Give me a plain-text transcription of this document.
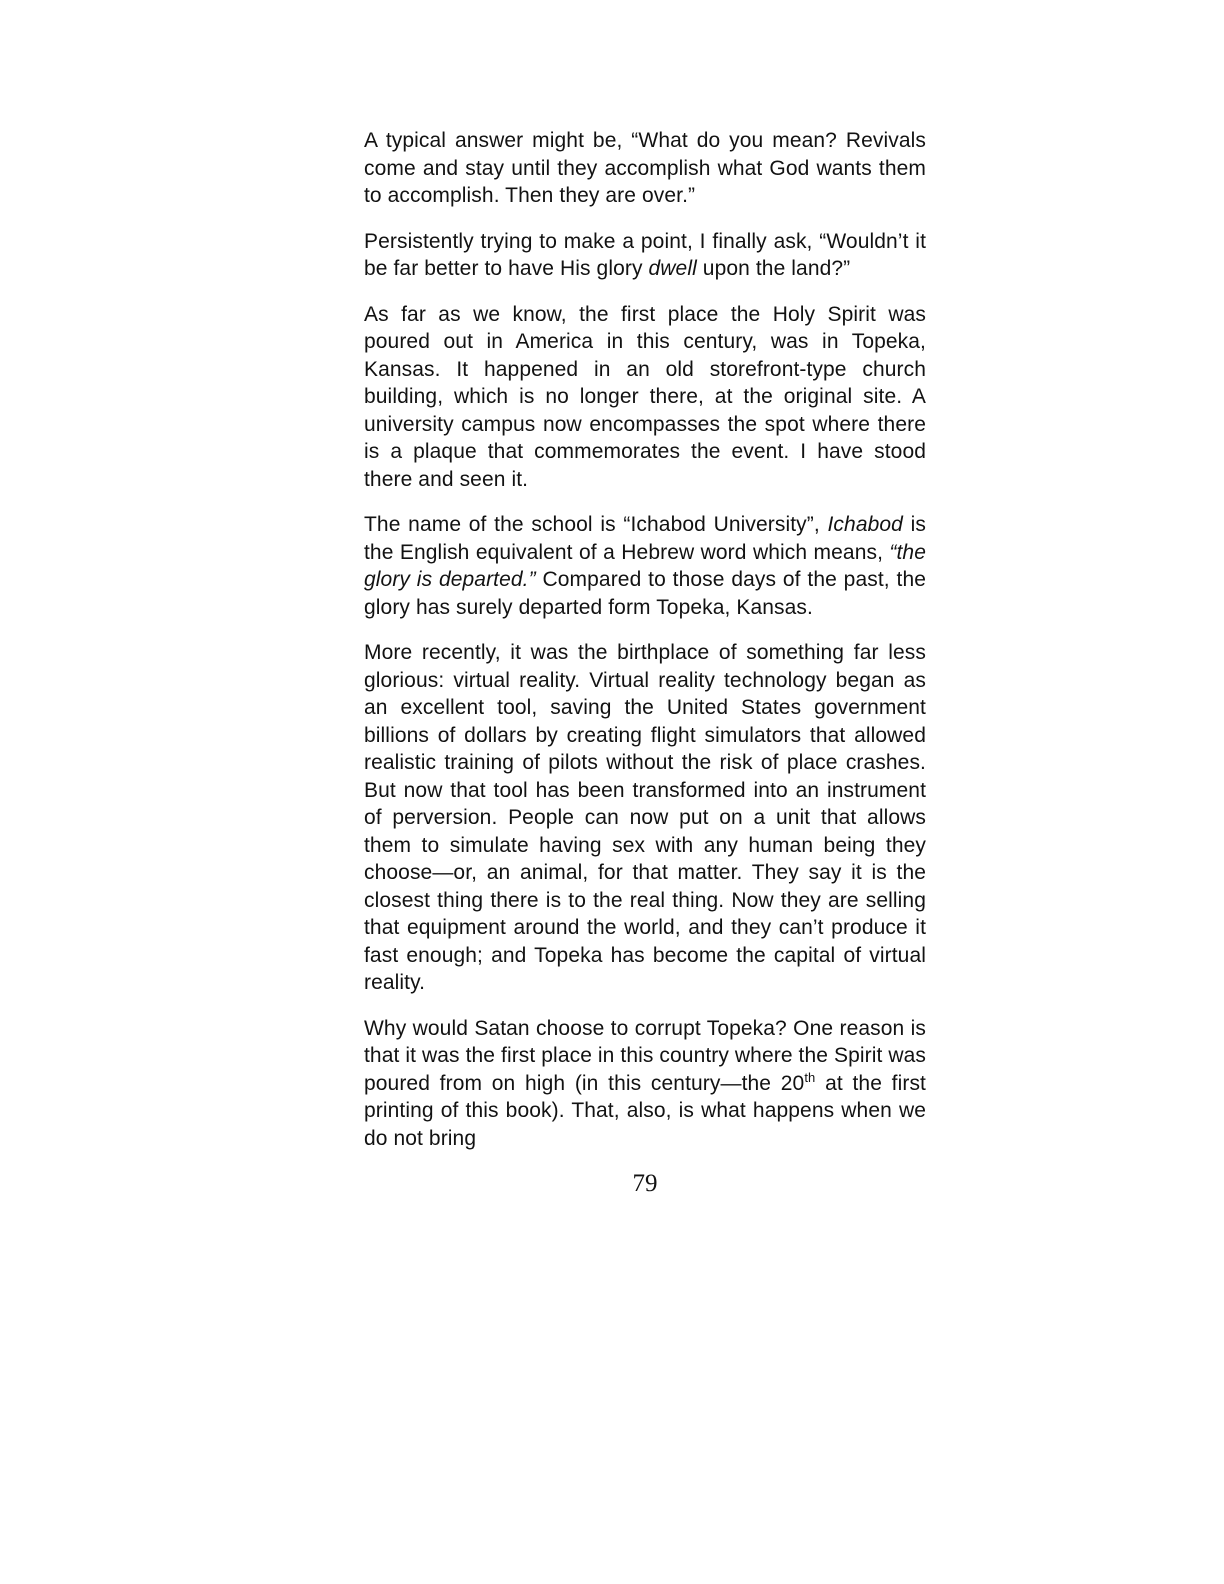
A typical answer might be, “What do you mean? Revivals come and stay until they accomplish what God wants them to accomplish. Then they are over.”

Persistently trying to make a point, I finally ask, “Wouldn’t it be far better to have His glory dwell upon the land?”

As far as we know, the first place the Holy Spirit was poured out in America in this century, was in Topeka, Kansas. It happened in an old storefront-type church building, which is no longer there, at the original site. A university campus now encompasses the spot where there is a plaque that commemorates the event. I have stood there and seen it.

The name of the school is “Ichabod University”, Ichabod is the English equivalent of a Hebrew word which means, “the glory is departed.” Compared to those days of the past, the glory has surely departed form Topeka, Kansas.

More recently, it was the birthplace of something far less glorious: virtual reality. Virtual reality technology began as an excellent tool, saving the United States government billions of dollars by creating flight simulators that allowed realistic training of pilots without the risk of place crashes. But now that tool has been transformed into an instrument of perversion. People can now put on a unit that allows them to simulate having sex with any human being they choose—or, an animal, for that matter. They say it is the closest thing there is to the real thing. Now they are selling that equipment around the world, and they can’t produce it fast enough; and Topeka has become the capital of virtual reality.

Why would Satan choose to corrupt Topeka? One reason is that it was the first place in this country where the Spirit was poured from on high (in this century—the 20th at the first printing of this book). That, also, is what happens when we do not bring

79
